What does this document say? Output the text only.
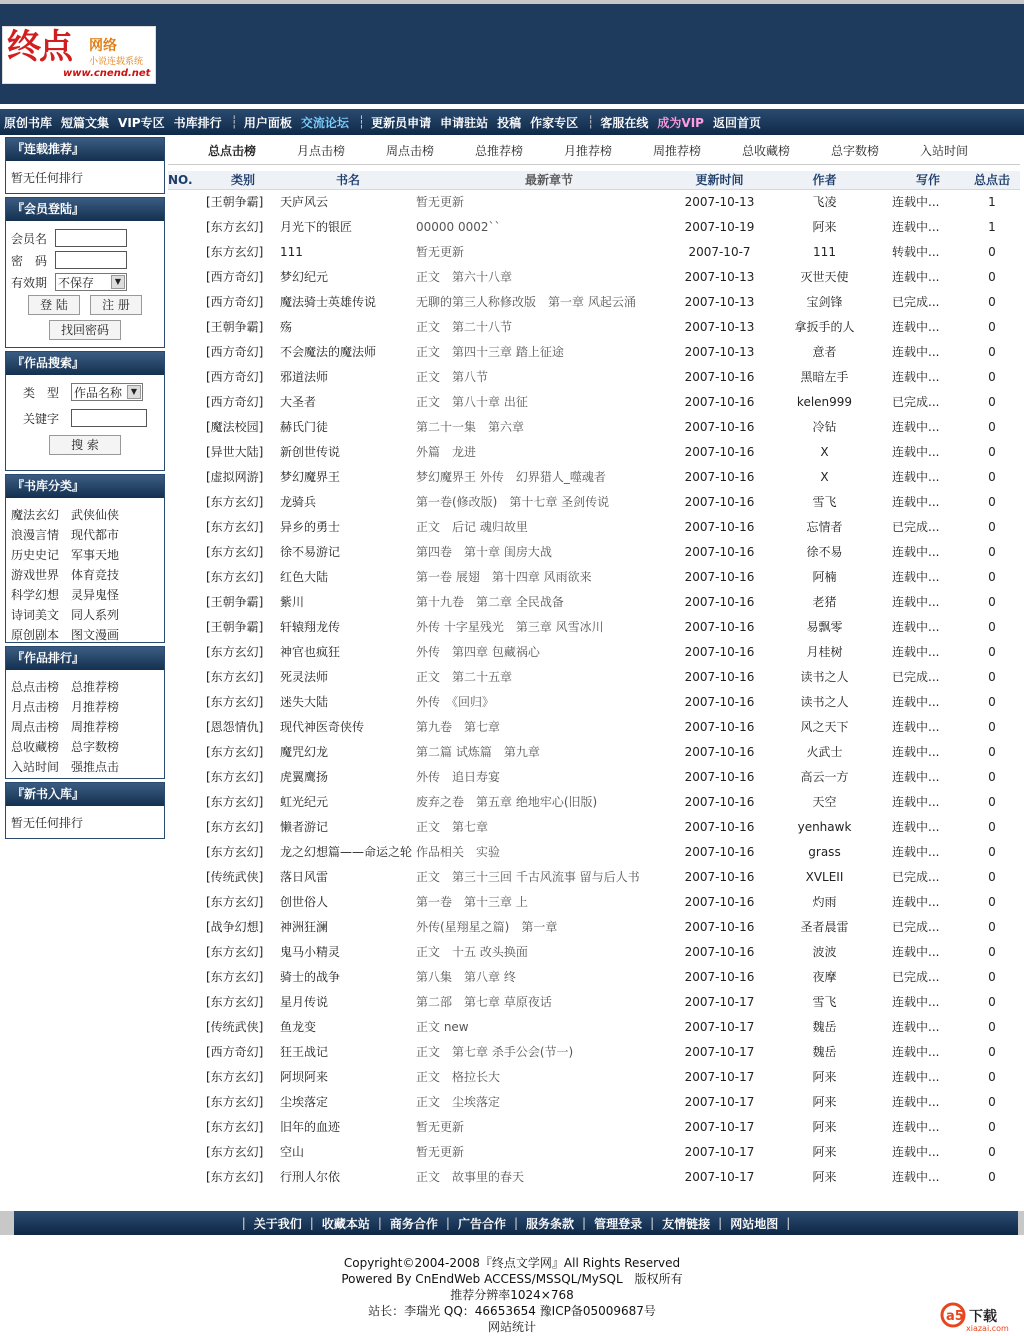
终点 网络
小说连载系统
www.cnend.net
原创书库 短篇文集 VIP专区 书库排行 ┆ 用户面板 交流论坛 ┆ 更新员申请 申请驻站 投稿 作家专区 ┆ 客服在线 成为VIP 返回首页
『连载推荐』
暂无任何排行
『会员登陆』
会员名
密　码
有效期 不保存	▼
登 陆	注 册
找回密码
『作品搜索』
类　型	作品名称	▼
关键字
搜 索
『书库分类』
魔法玄幻 武侠仙侠
浪漫言情 现代都市
历史史记 军事天地
游戏世界 体育竞技
科学幻想 灵异鬼怪
诗词美文 同人系列
原创剧本 图文漫画
『作品排行』
总点击榜 总推荐榜
月点击榜 月推荐榜
周点击榜 周推荐榜
总收藏榜 总字数榜
入站时间 强推点击
『新书入库』
暂无任何排行
总点击榜	月点击榜	周点击榜	总推荐榜	月推荐榜	周推荐榜	总收藏榜	总字数榜	入站时间
NO.	类别	书名	最新章节	更新时间	作者	写作	总点击
	[王朝争霸]	天庐风云	暂无更新	2007-10-13	飞凌	连载中...	1
	[东方玄幻]	月光下的银匠	00000 0002``	2007-10-19	阿来	连载中...	1
	[东方玄幻]	111	暂无更新	2007-10-7	111	转载中...	0
	[西方奇幻]	梦幻纪元	正文　第六十八章	2007-10-13	灭世天使	连载中...	0
	[西方奇幻]	魔法骑士英雄传说	无聊的第三人称修改版　第一章 风起云涌	2007-10-13	宝剑锋	已完成...	0
	[王朝争霸]	殇	正文　第二十八节	2007-10-13	拿扳手的人	连载中...	0
	[西方奇幻]	不会魔法的魔法师	正文　第四十三章 踏上征途	2007-10-13	意者	连载中...	0
	[西方奇幻]	邪道法师	正文　第八节	2007-10-16	黑暗左手	连载中...	0
	[西方奇幻]	大圣者	正文　第八十章 出征	2007-10-16	kelen999	已完成...	0
	[魔法校园]	赫氏门徒	第二十一集　第六章	2007-10-16	冷钻	连载中...	0
	[异世大陆]	新创世传说	外篇　龙进	2007-10-16	X	连载中...	0
	[虚拟网游]	梦幻魔界王	梦幻魔界王 外传　幻界猎人_噬魂者	2007-10-16	X	连载中...	0
	[东方玄幻]	龙骑兵	第一卷(修改版)　第十七章 圣剑传说	2007-10-16	雪飞	连载中...	0
	[东方玄幻]	异乡的勇士	正文　后记 魂归故里	2007-10-16	忘情者	已完成...	0
	[东方玄幻]	徐不易游记	第四卷　第十章 闺房大战	2007-10-16	徐不易	连载中...	0
	[东方玄幻]	红色大陆	第一卷 展翅　第十四章 风雨欲来	2007-10-16	阿楠	连载中...	0
	[王朝争霸]	紫川	第十九卷　第二章 全民战备	2007-10-16	老猪	连载中...	0
	[王朝争霸]	轩辕翔龙传	外传 十字星残光　第三章 风雪冰川	2007-10-16	易飘零	连载中...	0
	[东方玄幻]	神官也疯狂	外传　第四章 包藏祸心	2007-10-16	月桂树	连载中...	0
	[东方玄幻]	死灵法师	正文　第二十五章	2007-10-16	读书之人	已完成...	0
	[东方玄幻]	迷失大陆	外传　《回归》	2007-10-16	读书之人	连载中...	0
	[恩怨情仇]	现代神医奇侠传	第九卷　第七章	2007-10-16	风之天下	连载中...	0
	[东方玄幻]	魔咒幻龙	第二篇 试炼篇　第九章	2007-10-16	火武士	连载中...	0
	[东方玄幻]	虎翼鹰扬	外传　追日寿宴	2007-10-16	高云一方	连载中...	0
	[东方玄幻]	虹光纪元	废弃之卷　第五章 绝地牢心(旧版)	2007-10-16	天空	连载中...	0
	[东方玄幻]	懒者游记	正文　第七章	2007-10-16	yenhawk	连载中...	0
	[东方玄幻]	龙之幻想篇——命运之轮	作品相关　实验	2007-10-16	grass	连载中...	0
	[传统武侠]	落日风雷	正文　第三十三回 千古风流事 留与后人书	2007-10-16	XVLEII	已完成...	0
	[东方玄幻]	创世俗人	第一卷　第十三章 上	2007-10-16	灼雨	连载中...	0
	[战争幻想]	神洲狂澜	外传(星翔星之篇)　第一章	2007-10-16	圣者晨雷	已完成...	0
	[东方玄幻]	鬼马小精灵	正文　十五 改头换面	2007-10-16	波波	连载中...	0
	[东方玄幻]	骑士的战争	第八集　第八章 终	2007-10-16	夜摩	已完成...	0
	[东方玄幻]	星月传说	第二部　第七章 草原夜话	2007-10-17	雪飞	连载中...	0
	[传统武侠]	鱼龙变	正文 new	2007-10-17	魏岳	连载中...	0
	[西方奇幻]	狂王战记	正文　第七章 杀手公会(节一)	2007-10-17	魏岳	连载中...	0
	[东方玄幻]	阿坝阿来	正文　格拉长大	2007-10-17	阿来	连载中...	0
	[东方玄幻]	尘埃落定	正文　尘埃落定	2007-10-17	阿来	连载中...	0
	[东方玄幻]	旧年的血迹	暂无更新	2007-10-17	阿来	连载中...	0
	[东方玄幻]	空山	暂无更新	2007-10-17	阿来	连载中...	0
	[东方玄幻]	行刑人尔依	正文　故事里的春天	2007-10-17	阿来	连载中...	0
| 关于我们 | 收藏本站 | 商务合作 | 广告合作 | 服务条款 | 管理登录 | 友情链接 | 网站地图 |
Copyright©2004-2008『终点文学网』All Rights Reserved
Powered By CnEndWeb ACCESS/MSSQL/MySQL　版权所有
推荐分辨率1024×768
站长：李瑞光 QQ：46653654 豫ICP备05009687号
网站统计
a5 下载
xiazai.com
